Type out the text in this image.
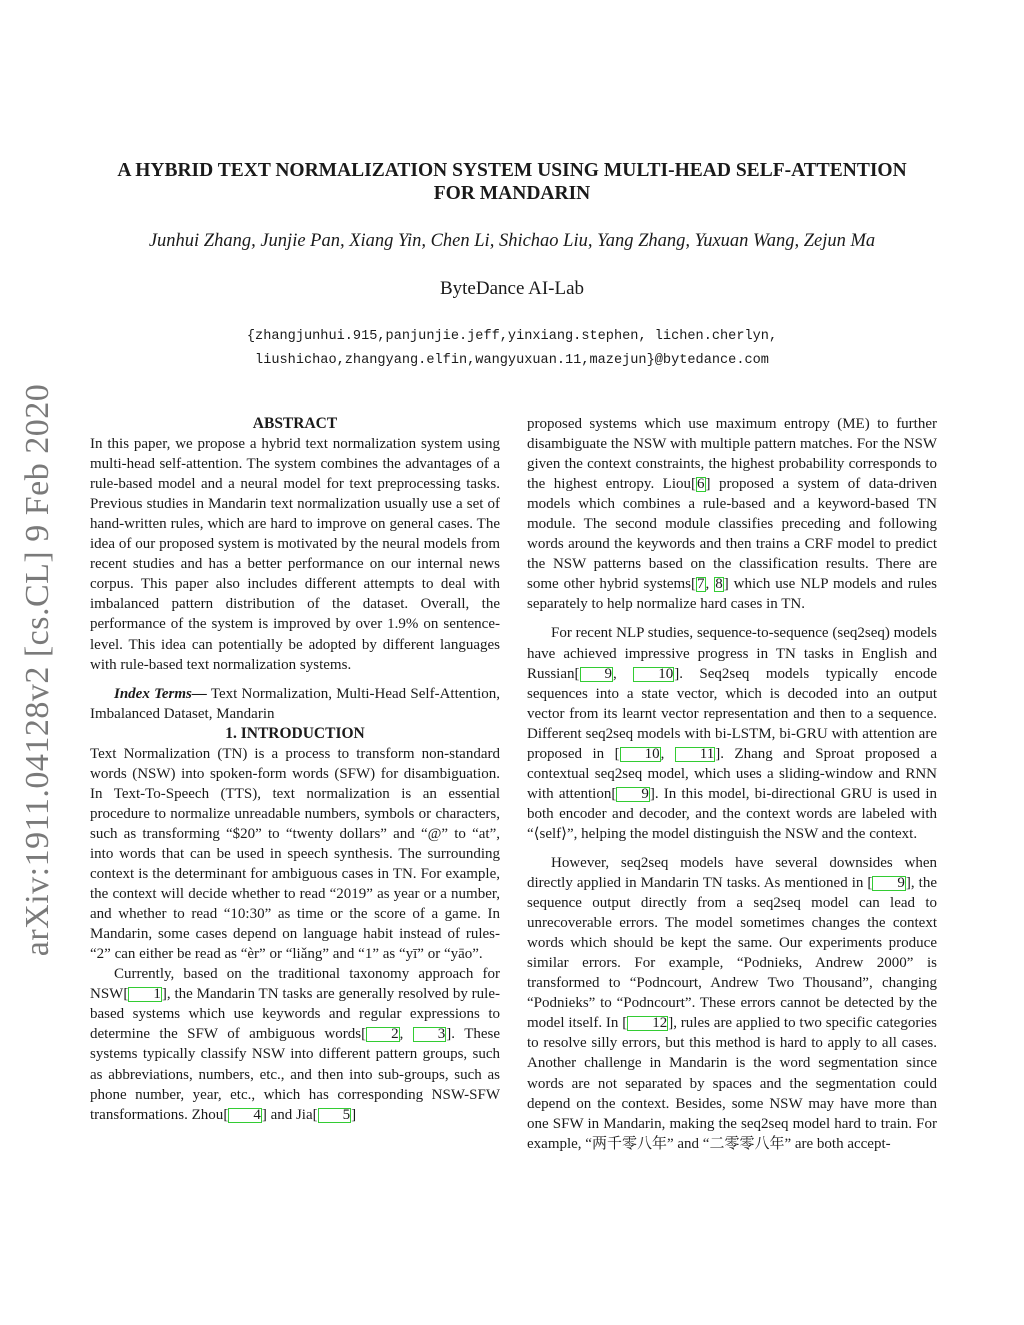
arXiv:1911.04128v2 [cs.CL] 9 Feb 2020
A HYBRID TEXT NORMALIZATION SYSTEM USING MULTI-HEAD SELF-ATTENTION
FOR MANDARIN
Junhui Zhang, Junjie Pan, Xiang Yin, Chen Li, Shichao Liu, Yang Zhang, Yuxuan Wang, Zejun Ma
ByteDance AI-Lab
{zhangjunhui.915,panjunjie.jeff,yinxiang.stephen, lichen.cherlyn,
liushichao,zhangyang.elfin,wangyuxuan.11,mazejun}@bytedance.com

ABSTRACT

In this paper, we propose a hybrid text normalization system using multi-head self-attention. The system combines the advantages of a rule-based model and a neural model for text preprocessing tasks. Previous studies in Mandarin text normalization usually use a set of hand-written rules, which are hard to improve on general cases. The idea of our proposed system is motivated by the neural models from recent studies and has a better performance on our internal news corpus. This paper also includes different attempts to deal with imbalanced pattern distribution of the dataset. Overall, the performance of the system is improved by over 1.9% on sentence-level. This idea can potentially be adopted by different languages with rule-based text normalization systems.

Index Terms— Text Normalization, Multi-Head Self-Attention, Imbalanced Dataset, Mandarin

1. INTRODUCTION

Text Normalization (TN) is a process to transform non-standard words (NSW) into spoken-form words (SFW) for disambiguation. In Text-To-Speech (TTS), text normalization is an essential procedure to normalize unreadable numbers, symbols or characters, such as transforming “$20” to “twenty dollars” and “@” to “at”, into words that can be used in speech synthesis. The surrounding context is the determinant for ambiguous cases in TN. For example, the context will decide whether to read “2019” as year or a number, and whether to read “10:30” as time or the score of a game. In Mandarin, some cases depend on language habit instead of rules- “2” can either be read as “èr” or “liǎng” and “1” as “yī” or “yāo”.

Currently, based on the traditional taxonomy approach for NSW[ 1], the Mandarin TN tasks are generally resolved by rule-based systems which use keywords and regular expressions to determine the SFW of ambiguous words[ 2, 3]. These systems typically classify NSW into different pattern groups, such as abbreviations, numbers, etc., and then into sub-groups, such as phone number, year, etc., which has corresponding NSW-SFW transformations. Zhou[ 4] and Jia[ 5]

proposed systems which use maximum entropy (ME) to further disambiguate the NSW with multiple pattern matches. For the NSW given the context constraints, the highest probability corresponds to the highest entropy. Liou[6] proposed a system of data-driven models which combines a rule-based and a keyword-based TN module. The second module classifies preceding and following words around the keywords and then trains a CRF model to predict the NSW patterns based on the classification results. There are some other hybrid systems[7, 8] which use NLP models and rules separately to help normalize hard cases in TN.

For recent NLP studies, sequence-to-sequence (seq2seq) models have achieved impressive progress in TN tasks in English and Russian[ 9, 10]. Seq2seq models typically encode sequences into a state vector, which is decoded into an output vector from its learnt vector representation and then to a sequence. Different seq2seq models with bi-LSTM, bi-GRU with attention are proposed in [ 10, 11]. Zhang and Sproat proposed a contextual seq2seq model, which uses a sliding-window and RNN with attention[ 9]. In this model, bi-directional GRU is used in both encoder and decoder, and the context words are labeled with “⟨self⟩”, helping the model distinguish the NSW and the context.

However, seq2seq models have several downsides when directly applied in Mandarin TN tasks. As mentioned in [ 9], the sequence output directly from a seq2seq model can lead to unrecoverable errors. The model sometimes changes the context words which should be kept the same. Our experiments produce similar errors. For example, “Podnieks, Andrew 2000” is transformed to “Podncourt, Andrew Two Thousand”, changing “Podnieks” to “Podncourt”. These errors cannot be detected by the model itself. In [ 12], rules are applied to two specific categories to resolve silly errors, but this method is hard to apply to all cases. Another challenge in Mandarin is the word segmentation since words are not separated by spaces and the segmentation could depend on the context. Besides, some NSW may have more than one SFW in Mandarin, making the seq2seq model hard to train. For example, “两千零八年” and “二零零八年” are both accept-
